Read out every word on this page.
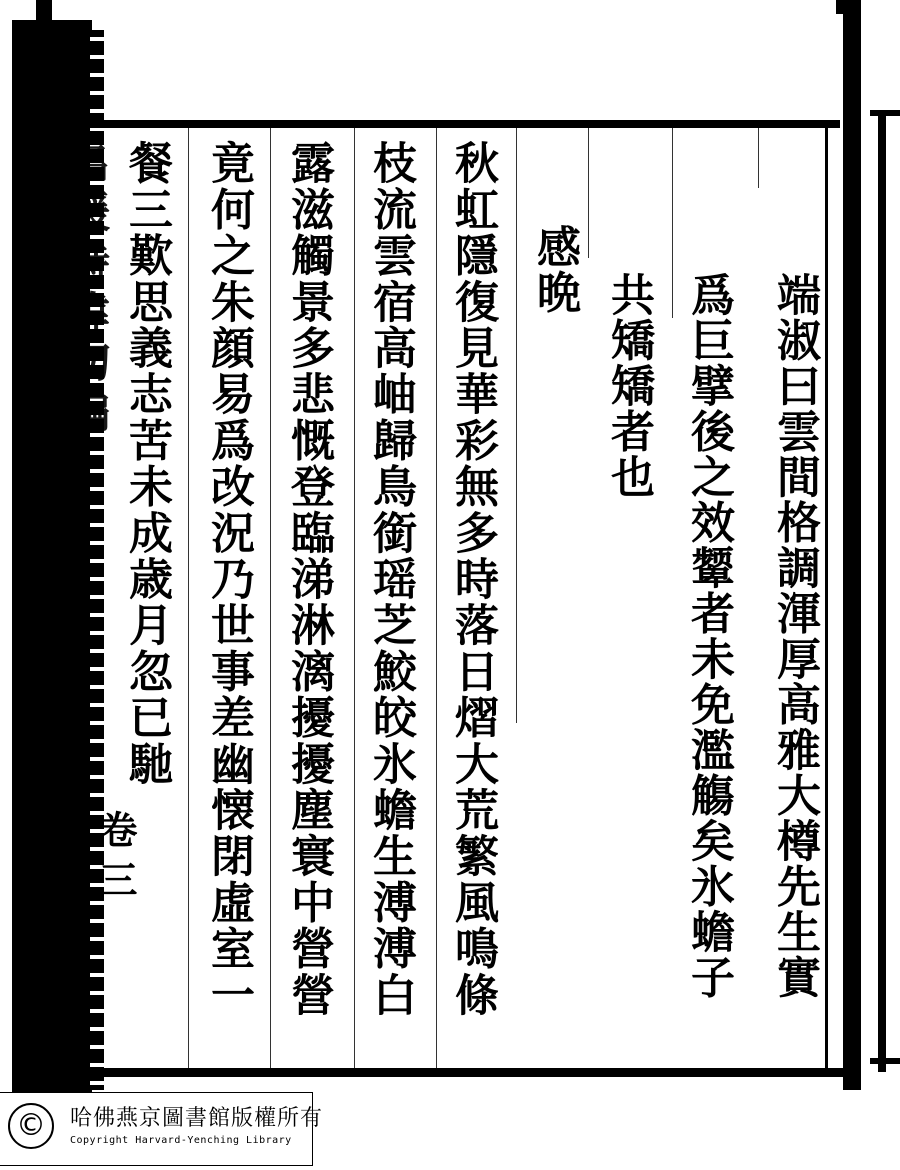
名媛詩緯初編
卷三	端淑曰雲間格調渾厚高雅大樽先生實
爲巨擘後之效颦者未免濫觴矣氷蟾子
共矯矯者也
感晩
秋虹隱復見華彩無多時落日熠大荒繁風鳴條
枝流雲宿高岫歸鳥銜瑶芝鮫皎氷蟾生溥溥白
露滋觸景多悲慨登臨涕淋漓擾擾塵寰中營營
竟何之朱顔易爲改況乃世事差幽懐閉虛室一
餐三歎思義志苦未成歳月忽已馳
©	哈佛燕京圖書館版權所有
Copyright Harvard-Yenching Library
